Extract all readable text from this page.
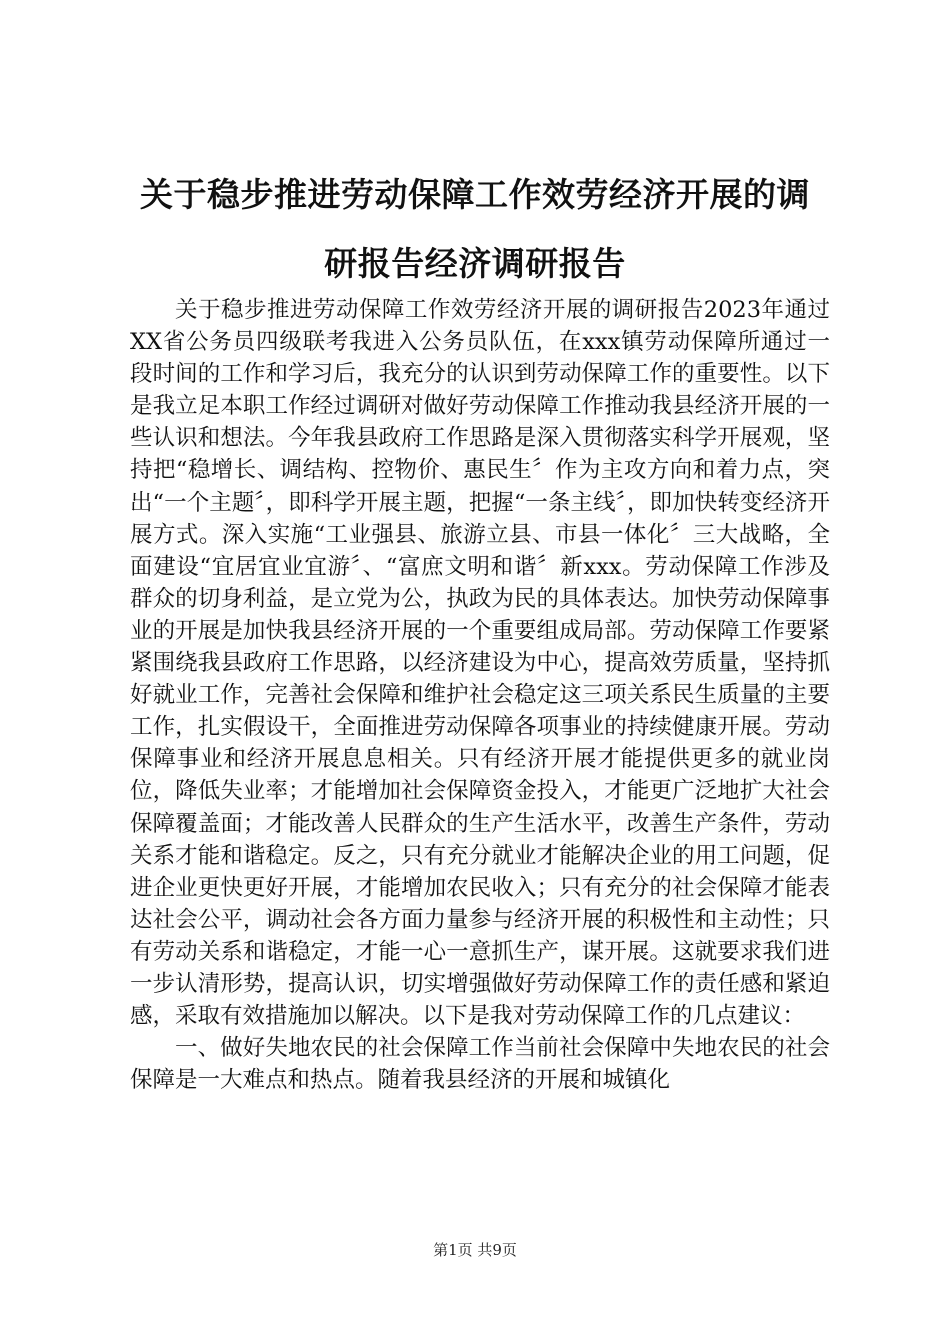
关于稳步推进劳动保障工作效劳经济开展的调
研报告经济调研报告

关于稳步推进劳动保障工作效劳经济开展的调研报告2023年通过XX省公务员四级联考我进入公务员队伍，在xxx镇劳动保障所通过一段时间的工作和学习后，我充分的认识到劳动保障工作的重要性。以下是我立足本职工作经过调研对做好劳动保障工作推动我县经济开展的一些认识和想法。今年我县政府工作思路是深入贯彻落实科学开展观，坚持把“稳增长、调结构、控物价、惠民生〞作为主攻方向和着力点，突出“一个主题〞，即科学开展主题，把握“一条主线〞，即加快转变经济开展方式。深入实施“工业强县、旅游立县、市县一体化〞三大战略，全面建设“宜居宜业宜游〞、“富庶文明和谐〞新xxx。劳动保障工作涉及群众的切身利益，是立党为公，执政为民的具体表达。加快劳动保障事业的开展是加快我县经济开展的一个重要组成局部。劳动保障工作要紧紧围绕我县政府工作思路，以经济建设为中心，提高效劳质量，坚持抓好就业工作，完善社会保障和维护社会稳定这三项关系民生质量的主要工作，扎实假设干，全面推进劳动保障各项事业的持续健康开展。劳动保障事业和经济开展息息相关。只有经济开展才能提供更多的就业岗位，降低失业率；才能增加社会保障资金投入，才能更广泛地扩大社会保障覆盖面；才能改善人民群众的生产生活水平，改善生产条件，劳动关系才能和谐稳定。反之，只有充分就业才能解决企业的用工问题，促进企业更快更好开展，才能增加农民收入；只有充分的社会保障才能表达社会公平，调动社会各方面力量参与经济开展的积极性和主动性；只有劳动关系和谐稳定，才能一心一意抓生产，谋开展。这就要求我们进一步认清形势，提高认识，切实增强做好劳动保障工作的责任感和紧迫感，采取有效措施加以解决。以下是我对劳动保障工作的几点建议：

一、做好失地农民的社会保障工作当前社会保障中失地农民的社会保障是一大难点和热点。随着我县经济的开展和城镇化

第1页 共9页
